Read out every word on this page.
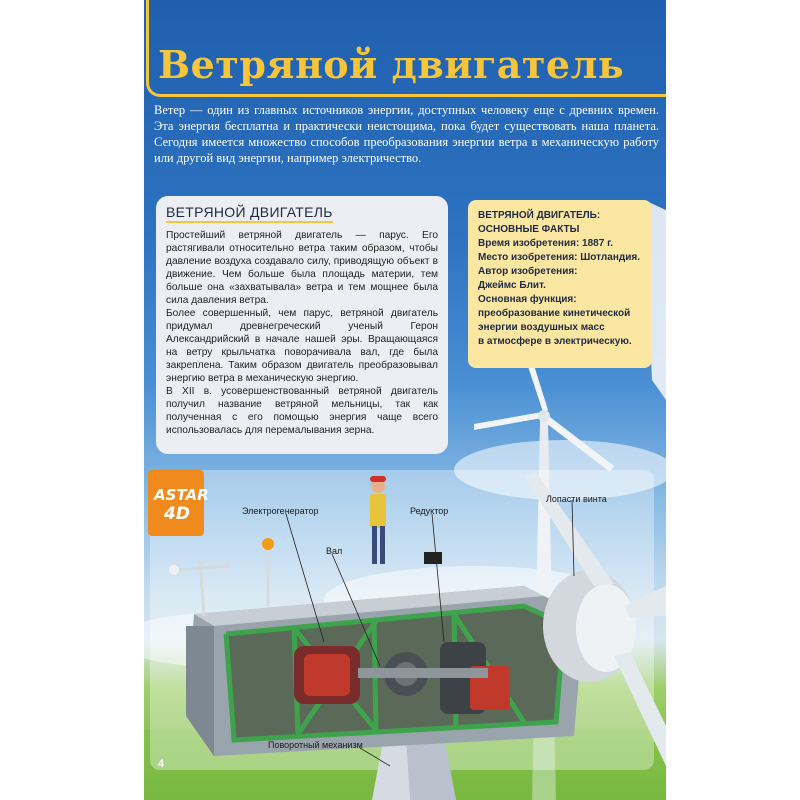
Ветряной двигатель
Ветер — один из главных источников энергии, доступных человеку еще с древних времен. Эта энергия бесплатна и практически неистощима, пока будет существовать наша планета. Сегодня имеется множество способов преобразования энергии ветра в механическую работу или другой вид энергии, например электричество.
ВЕТРЯНОЙ ДВИГАТЕЛЬ

Простейший ветряной двигатель — парус. Его растягивали относительно ветра таким образом, чтобы давление воздуха создавало силу, приводящую объект в движение. Чем больше была площадь материи, тем больше она «захватывала» ветра и тем мощнее была сила давления ветра.

Более совершенный, чем парус, ветряной двигатель придумал древнегреческий ученый Герон Александрийский в начале нашей эры. Вращающаяся на ветру крыльчатка поворачивала вал, где была закреплена. Таким образом двигатель преобразовывал энергию ветра в механическую энергию.

В XII в. усовершенствованный ветряной двигатель получил название ветряной мельницы, так как полученная с его помощью энергия чаще всего использовалась для перемалывания зерна.

ВЕТРЯНОЙ ДВИГАТЕЛЬ:
ОСНОВНЫЕ ФАКТЫ
Время изобретения: 1887 г.
Место изобретения: Шотландия.
Автор изобретения:
Джеймс Блит.
Основная функция:
преобразование кинетической
энергии воздушных масс
в атмосфере в электрическую.
ASTAR
4D	Электрогенератор
Вал
Редуктор
Лопасти винта
Поворотный механизм
4
